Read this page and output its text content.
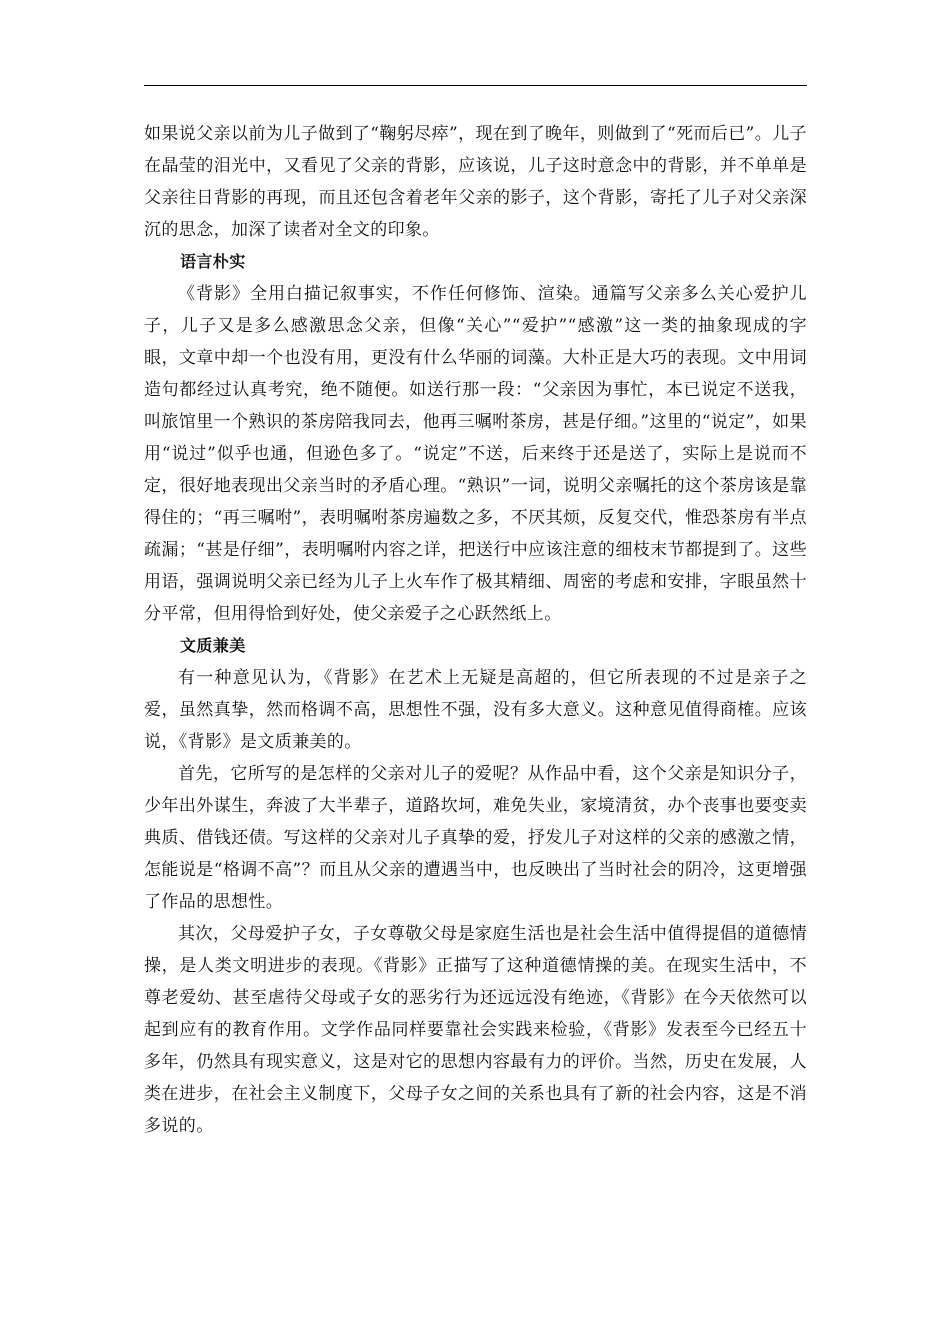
如果说父亲以前为儿子做到了“鞠躬尽瘁”，现在到了晚年，则做到了“死而后已”。儿子在晶莹的泪光中，又看见了父亲的背影，应该说，儿子这时意念中的背影，并不单单是父亲往日背影的再现，而且还包含着老年父亲的影子，这个背影，寄托了儿子对父亲深沉的思念，加深了读者对全文的印象。

语言朴实

《背影》全用白描记叙事实，不作任何修饰、渲染。通篇写父亲多么关心爱护儿子，儿子又是多么感激思念父亲，但像“关心”“爱护”“感激”这一类的抽象现成的字眼，文章中却一个也没有用，更没有什么华丽的词藻。大朴正是大巧的表现。文中用词造句都经过认真考究，绝不随便。如送行那一段：“父亲因为事忙，本已说定不送我，叫旅馆里一个熟识的茶房陪我同去，他再三嘱咐茶房，甚是仔细。”这里的“说定”，如果用“说过”似乎也通，但逊色多了。“说定”不送，后来终于还是送了，实际上是说而不定，很好地表现出父亲当时的矛盾心理。“熟识”一词，说明父亲嘱托的这个茶房该是靠得住的；“再三嘱咐”，表明嘱咐茶房遍数之多，不厌其烦，反复交代，惟恐茶房有半点疏漏；“甚是仔细”，表明嘱咐内容之详，把送行中应该注意的细枝末节都提到了。这些用语，强调说明父亲已经为儿子上火车作了极其精细、周密的考虑和安排，字眼虽然十分平常，但用得恰到好处，使父亲爱子之心跃然纸上。

文质兼美

有一种意见认为，《背影》在艺术上无疑是高超的，但它所表现的不过是亲子之爱，虽然真挚，然而格调不高，思想性不强，没有多大意义。这种意见值得商榷。应该说，《背影》是文质兼美的。

首先，它所写的是怎样的父亲对儿子的爱呢？从作品中看，这个父亲是知识分子，少年出外谋生，奔波了大半辈子，道路坎坷，难免失业，家境清贫，办个丧事也要变卖典质、借钱还债。写这样的父亲对儿子真挚的爱，抒发儿子对这样的父亲的感激之情，怎能说是“格调不高”？而且从父亲的遭遇当中，也反映出了当时社会的阴冷，这更增强了作品的思想性。

其次，父母爱护子女，子女尊敬父母是家庭生活也是社会生活中值得提倡的道德情操，是人类文明进步的表现。《背影》正描写了这种道德情操的美。在现实生活中，不尊老爱幼、甚至虐待父母或子女的恶劣行为还远远没有绝迹，《背影》在今天依然可以起到应有的教育作用。文学作品同样要靠社会实践来检验，《背影》发表至今已经五十多年，仍然具有现实意义，这是对它的思想内容最有力的评价。当然，历史在发展，人类在进步，在社会主义制度下，父母子女之间的关系也具有了新的社会内容，这是不消多说的。
